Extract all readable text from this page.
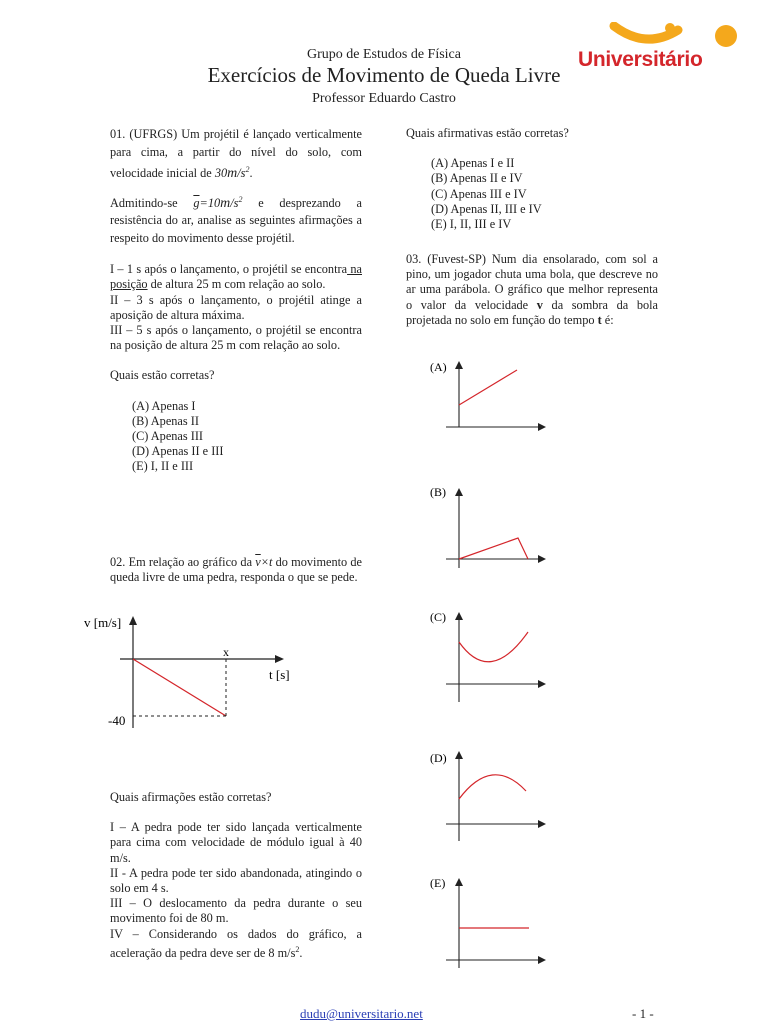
Grupo de Estudos de Física
Exercícios de Movimento de Queda Livre
Professor Eduardo Castro
Universitário

01. (UFRGS) Um projétil é lançado verticalmente para cima, a partir do nível do solo, com velocidade inicial de $30m/s^2$.

Admitindo-se $\overline{g}=10m/s^2$ e desprezando a resistência do ar, analise as seguintes afirmações a respeito do movimento desse projétil.

I – 1 s após o lançamento, o projétil se encontra na posição de altura 25 m com relação ao solo.

II – 3 s após o lançamento, o projétil atinge a aposição de altura máxima.

III – 5 s após o lançamento, o projétil se encontra na posição de altura 25 m com relação ao solo.

Quais estão corretas?

(A) Apenas I

(B) Apenas II

(C) Apenas III

(D) Apenas II e III

(E) I, II e III

02. Em relação ao gráfico da $\overline{v}\times t$ do movimento de queda livre de uma pedra, responda o que se pede.

v [m/s]
t [s]
x
-40

Quais afirmações estão corretas?

I – A pedra pode ter sido lançada verticalmente para cima com velocidade de módulo igual à 40 m/s.

II - A pedra pode ter sido abandonada, atingindo o solo em 4 s.

III – O deslocamento da pedra durante o seu movimento foi de 80 m.

IV – Considerando os dados do gráfico, a aceleração da pedra deve ser de 8 $m/s^2$.

Quais afirmativas estão corretas?

(A) Apenas I e II

(B) Apenas II e IV

(C) Apenas III e IV

(D) Apenas II, III e IV

(E) I, II, III e IV

03. (Fuvest-SP) Num dia ensolarado, com sol a pino, um jogador chuta uma bola, que descreve no ar uma parábola. O gráfico que melhor representa o valor da velocidade v da sombra da bola projetada no solo em função do tempo t é:

(A)
(B)
(C)
(D)
(E)
dudu@universitario.net	- 1 -
